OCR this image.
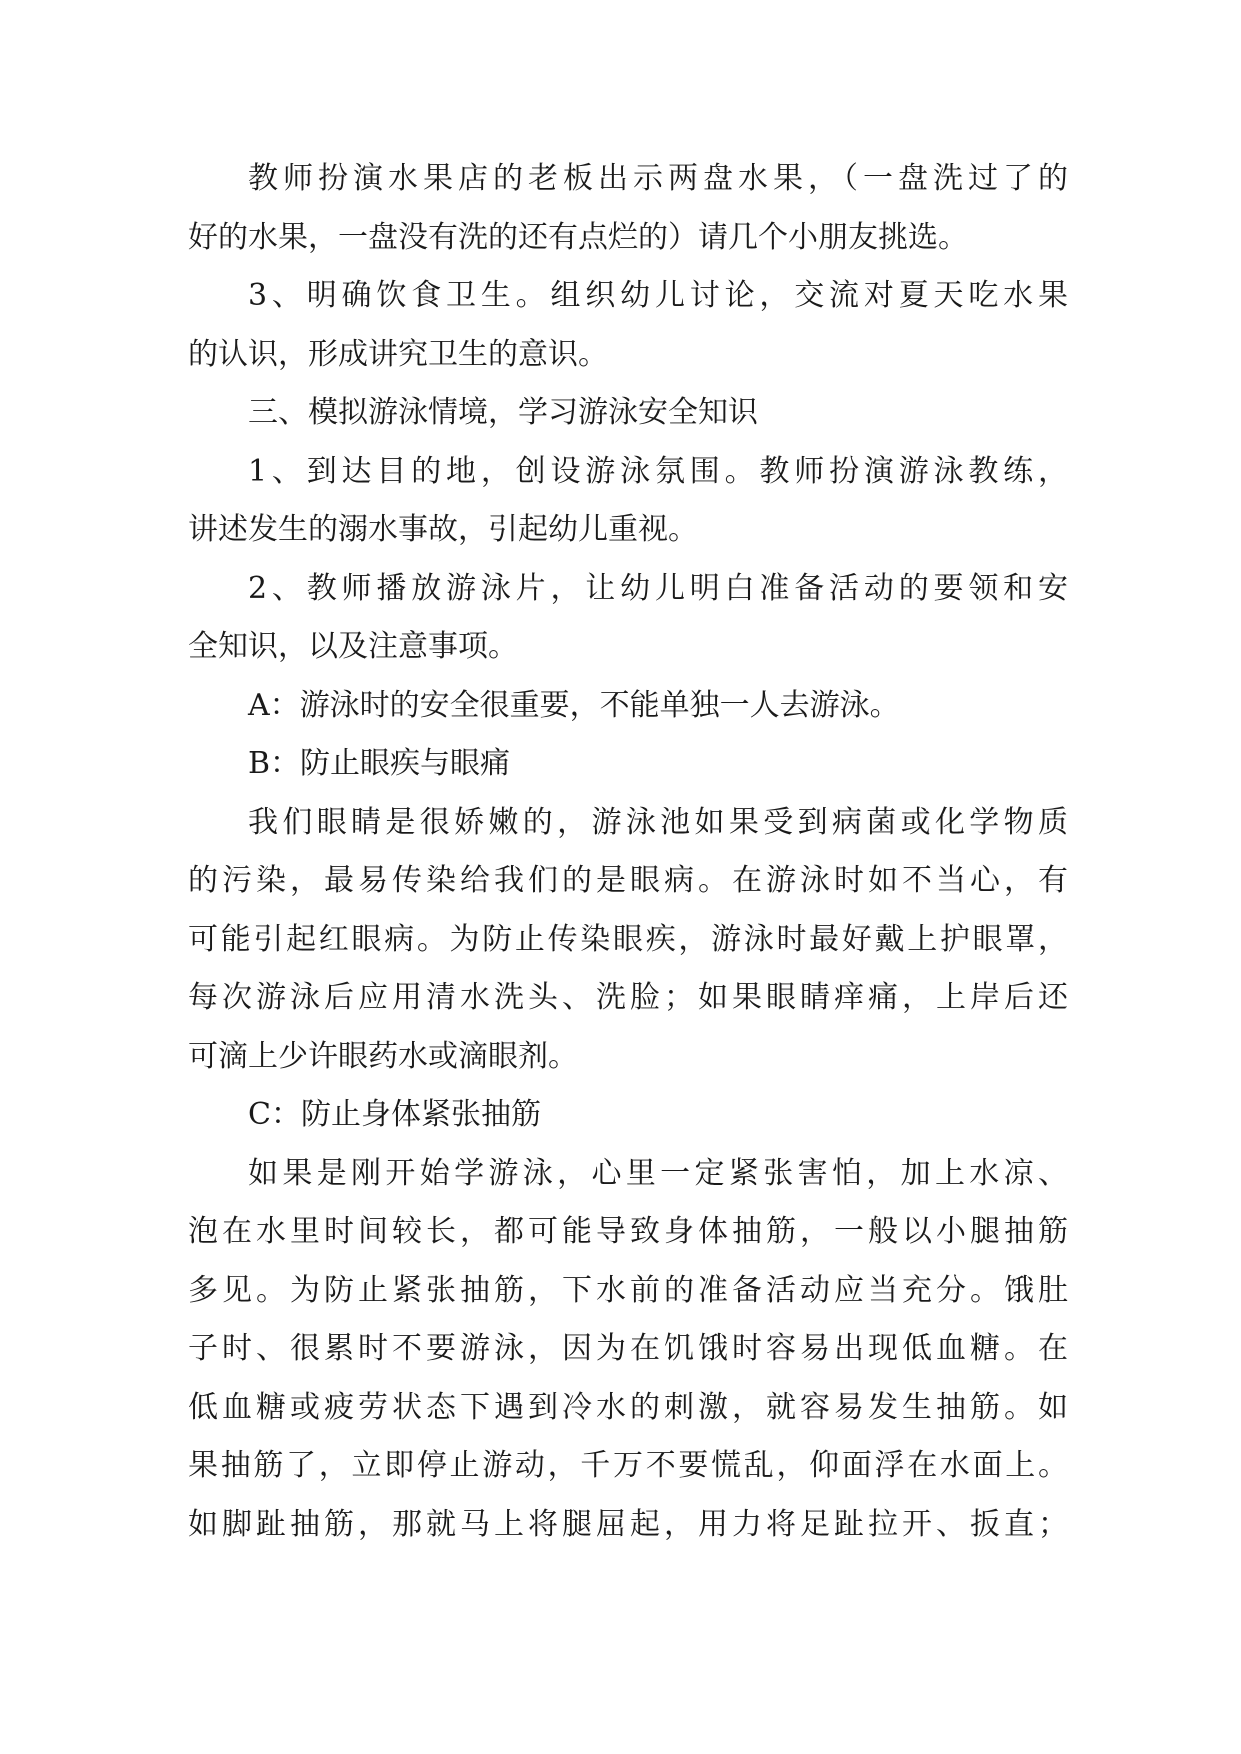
教师扮演水果店的老板出示两盘水果，（一盘洗过了的
好的水果，一盘没有洗的还有点烂的）请几个小朋友挑选。
3、明确饮食卫生。组织幼儿讨论，交流对夏天吃水果
的认识，形成讲究卫生的意识。
三、模拟游泳情境，学习游泳安全知识
1、到达目的地，创设游泳氛围。教师扮演游泳教练，
讲述发生的溺水事故，引起幼儿重视。
2、教师播放游泳片，让幼儿明白准备活动的要领和安
全知识，以及注意事项。
A：游泳时的安全很重要，不能单独一人去游泳。
B：防止眼疾与眼痛
我们眼睛是很娇嫩的，游泳池如果受到病菌或化学物质
的污染，最易传染给我们的是眼病。在游泳时如不当心，有
可能引起红眼病。为防止传染眼疾，游泳时最好戴上护眼罩，
每次游泳后应用清水洗头、洗脸；如果眼睛痒痛，上岸后还
可滴上少许眼药水或滴眼剂。
C：防止身体紧张抽筋
如果是刚开始学游泳，心里一定紧张害怕，加上水凉、
泡在水里时间较长，都可能导致身体抽筋，一般以小腿抽筋
多见。为防止紧张抽筋，下水前的准备活动应当充分。饿肚
子时、很累时不要游泳，因为在饥饿时容易出现低血糖。在
低血糖或疲劳状态下遇到冷水的刺激，就容易发生抽筋。如
果抽筋了，立即停止游动，千万不要慌乱，仰面浮在水面上。
如脚趾抽筋，那就马上将腿屈起，用力将足趾拉开、扳直；
